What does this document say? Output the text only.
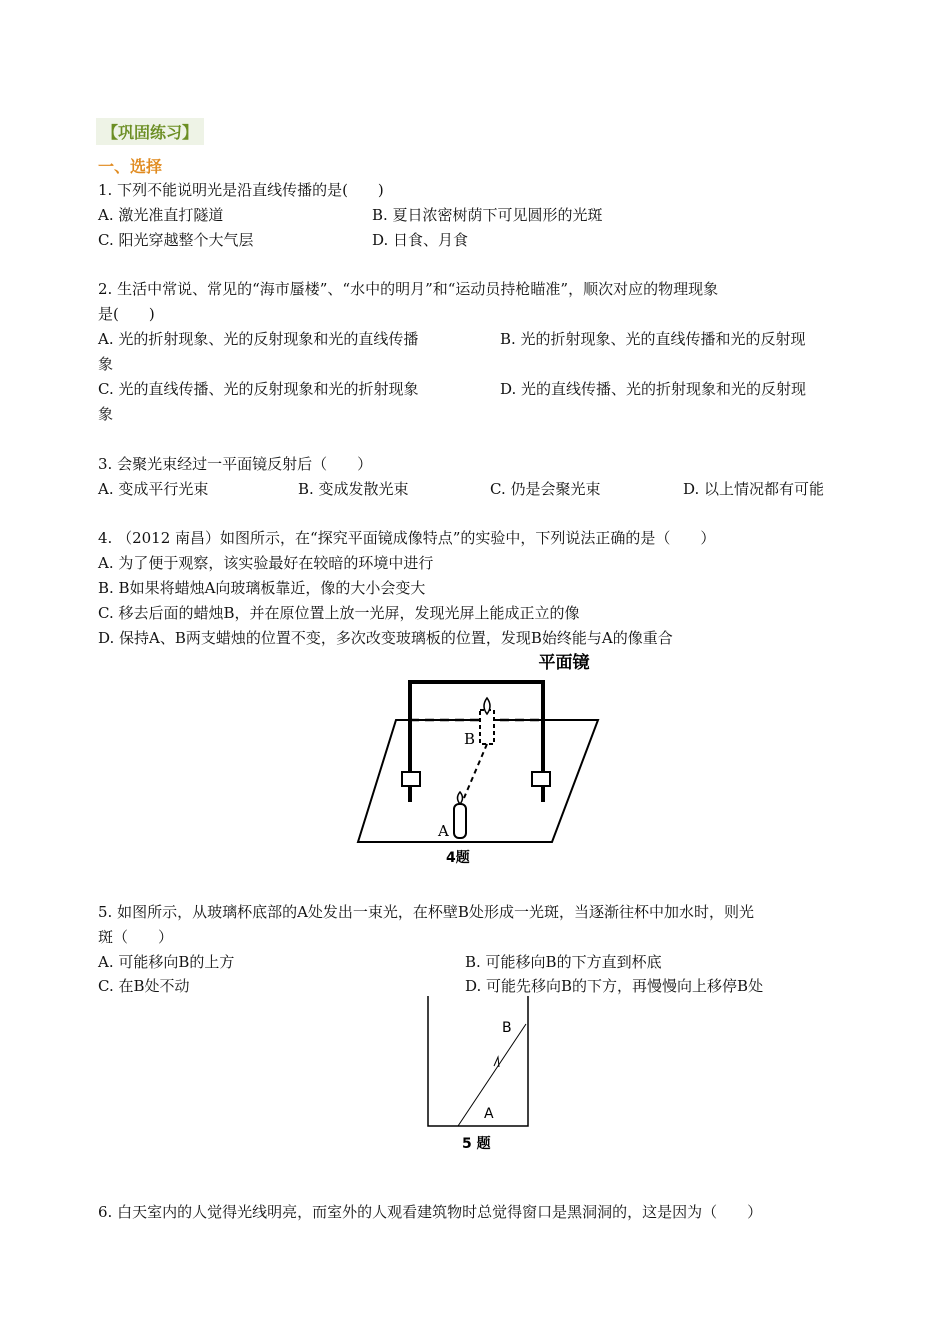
【巩固练习】
一、选择
1. 下列不能说明光是沿直线传播的是(　　)
A. 激光准直打隧道	B. 夏日浓密树荫下可见圆形的光斑
C. 阳光穿越整个大气层	D. 日食、月食
2. 生活中常说、常见的“海市蜃楼”、“水中的明月”和“运动员持枪瞄准”，顺次对应的物理现象
是(　　)
A. 光的折射现象、光的反射现象和光的直线传播	B. 光的折射现象、光的直线传播和光的反射现
象
C. 光的直线传播、光的反射现象和光的折射现象	D. 光的直线传播、光的折射现象和光的反射现
象
3. 会聚光束经过一平面镜反射后（　　）
A. 变成平行光束	B. 变成发散光束	C. 仍是会聚光束	D. 以上情况都有可能
4. （2012 南昌）如图所示，在“探究平面镜成像特点”的实验中，下列说法正确的是（　　）
A. 为了便于观察，该实验最好在较暗的环境中进行
B. B如果将蜡烛A向玻璃板靠近，像的大小会变大
C. 移去后面的蜡烛B，并在原位置上放一光屏，发现光屏上能成正立的像
D. 保持A、B两支蜡烛的位置不变，多次改变玻璃板的位置，发现B始终能与A的像重合
平面镜
B
A
4题
5. 如图所示，从玻璃杯底部的A处发出一束光，在杯壁B处形成一光斑，当逐渐往杯中加水时，则光
斑（　　）
A. 可能移向B的上方	B. 可能移向B的下方直到杯底
C. 在B处不动	D. 可能先移向B的下方，再慢慢向上移停B处
B
A
5 题
6. 白天室内的人觉得光线明亮，而室外的人观看建筑物时总觉得窗口是黑洞洞的，这是因为（　　）
